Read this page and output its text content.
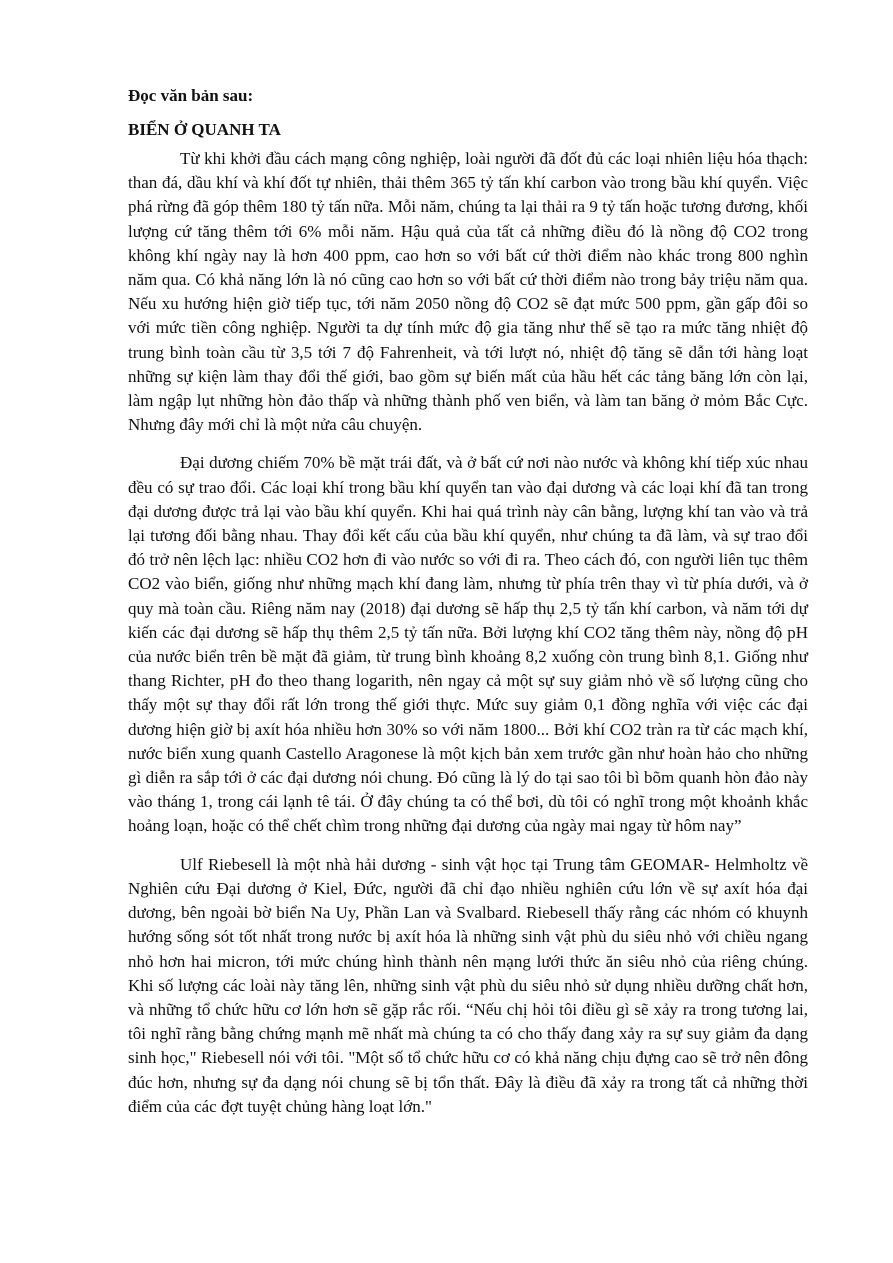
Đọc văn bản sau:

BIỂN Ở QUANH TA

Từ khi khởi đầu cách mạng công nghiệp, loài người đã đốt đủ các loại nhiên liệu hóa thạch: than đá, dầu khí và khí đốt tự nhiên, thải thêm 365 tỷ tấn khí carbon vào trong bầu khí quyển. Việc phá rừng đã góp thêm 180 tỷ tấn nữa. Mỗi năm, chúng ta lại thải ra 9 tỷ tấn hoặc tương đương, khối lượng cứ tăng thêm tới 6% mỗi năm. Hậu quả của tất cả những điều đó là nồng độ CO2 trong không khí ngày nay là hơn 400 ppm, cao hơn so với bất cứ thời điểm nào khác trong 800 nghìn năm qua. Có khả năng lớn là nó cũng cao hơn so với bất cứ thời điểm nào trong bảy triệu năm qua. Nếu xu hướng hiện giờ tiếp tục, tới năm 2050 nồng độ CO2 sẽ đạt mức 500 ppm, gần gấp đôi so với mức tiền công nghiệp. Người ta dự tính mức độ gia tăng như thế sẽ tạo ra mức tăng nhiệt độ trung bình toàn cầu từ 3,5 tới 7 độ Fahrenheit, và tới lượt nó, nhiệt độ tăng sẽ dẫn tới hàng loạt những sự kiện làm thay đổi thế giới, bao gồm sự biến mất của hầu hết các tảng băng lớn còn lại, làm ngập lụt những hòn đảo thấp và những thành phố ven biển, và làm tan băng ở mỏm Bắc Cực. Nhưng đây mới chỉ là một nửa câu chuyện.

Đại dương chiếm 70% bề mặt trái đất, và ở bất cứ nơi nào nước và không khí tiếp xúc nhau đều có sự trao đổi. Các loại khí trong bầu khí quyển tan vào đại dương và các loại khí đã tan trong đại dương được trả lại vào bầu khí quyển. Khi hai quá trình này cân bằng, lượng khí tan vào và trả lại tương đối bằng nhau. Thay đổi kết cấu của bầu khí quyển, như chúng ta đã làm, và sự trao đổi đó trở nên lệch lạc: nhiều CO2 hơn đi vào nước so với đi ra. Theo cách đó, con người liên tục thêm CO2 vào biển, giống như những mạch khí đang làm, nhưng từ phía trên thay vì từ phía dưới, và ở quy mà toàn cầu. Riêng năm nay (2018) đại dương sẽ hấp thụ 2,5 tỷ tấn khí carbon, và năm tới dự kiến các đại dương sẽ hấp thụ thêm 2,5 tỷ tấn nữa. Bởi lượng khí CO2 tăng thêm này, nồng độ pH của nước biển trên bề mặt đã giảm, từ trung bình khoảng 8,2 xuống còn trung bình 8,1. Giống như thang Richter, pH đo theo thang logarith, nên ngay cả một sự suy giảm nhỏ về số lượng cũng cho thấy một sự thay đổi rất lớn trong thế giới thực. Mức suy giảm 0,1 đồng nghĩa với việc các đại dương hiện giờ bị axít hóa nhiều hơn 30% so với năm 1800... Bởi khí CO2 tràn ra từ các mạch khí, nước biển xung quanh Castello Aragonese là một kịch bản xem trước gần như hoàn hảo cho những gì diễn ra sắp tới ở các đại dương nói chung. Đó cũng là lý do tại sao tôi bì bõm quanh hòn đảo này vào tháng 1, trong cái lạnh tê tái. Ở đây chúng ta có thể bơi, dù tôi có nghĩ trong một khoảnh khắc hoảng loạn, hoặc có thể chết chìm trong những đại dương của ngày mai ngay từ hôm nay”

Ulf Riebesell là một nhà hải dương - sinh vật học tại Trung tâm GEOMAR- Helmholtz về Nghiên cứu Đại dương ở Kiel, Đức, người đã chỉ đạo nhiều nghiên cứu lớn về sự axít hóa đại dương, bên ngoài bờ biển Na Uy, Phần Lan và Svalbard. Riebesell thấy rằng các nhóm có khuynh hướng sống sót tốt nhất trong nước bị axít hóa là những sinh vật phù du siêu nhỏ với chiều ngang nhỏ hơn hai micron, tới mức chúng hình thành nên mạng lưới thức ăn siêu nhỏ của riêng chúng. Khi số lượng các loài này tăng lên, những sinh vật phù du siêu nhỏ sử dụng nhiều dưỡng chất hơn, và những tổ chức hữu cơ lớn hơn sẽ gặp rắc rối. “Nếu chị hỏi tôi điều gì sẽ xảy ra trong tương lai, tôi nghĩ rằng bằng chứng mạnh mẽ nhất mà chúng ta có cho thấy đang xảy ra sự suy giảm đa dạng sinh học," Riebesell nói với tôi. "Một số tổ chức hữu cơ có khả năng chịu đựng cao sẽ trở nên đông đúc hơn, nhưng sự đa dạng nói chung sẽ bị tổn thất. Đây là điều đã xảy ra trong tất cả những thời điểm của các đợt tuyệt chủng hàng loạt lớn."
